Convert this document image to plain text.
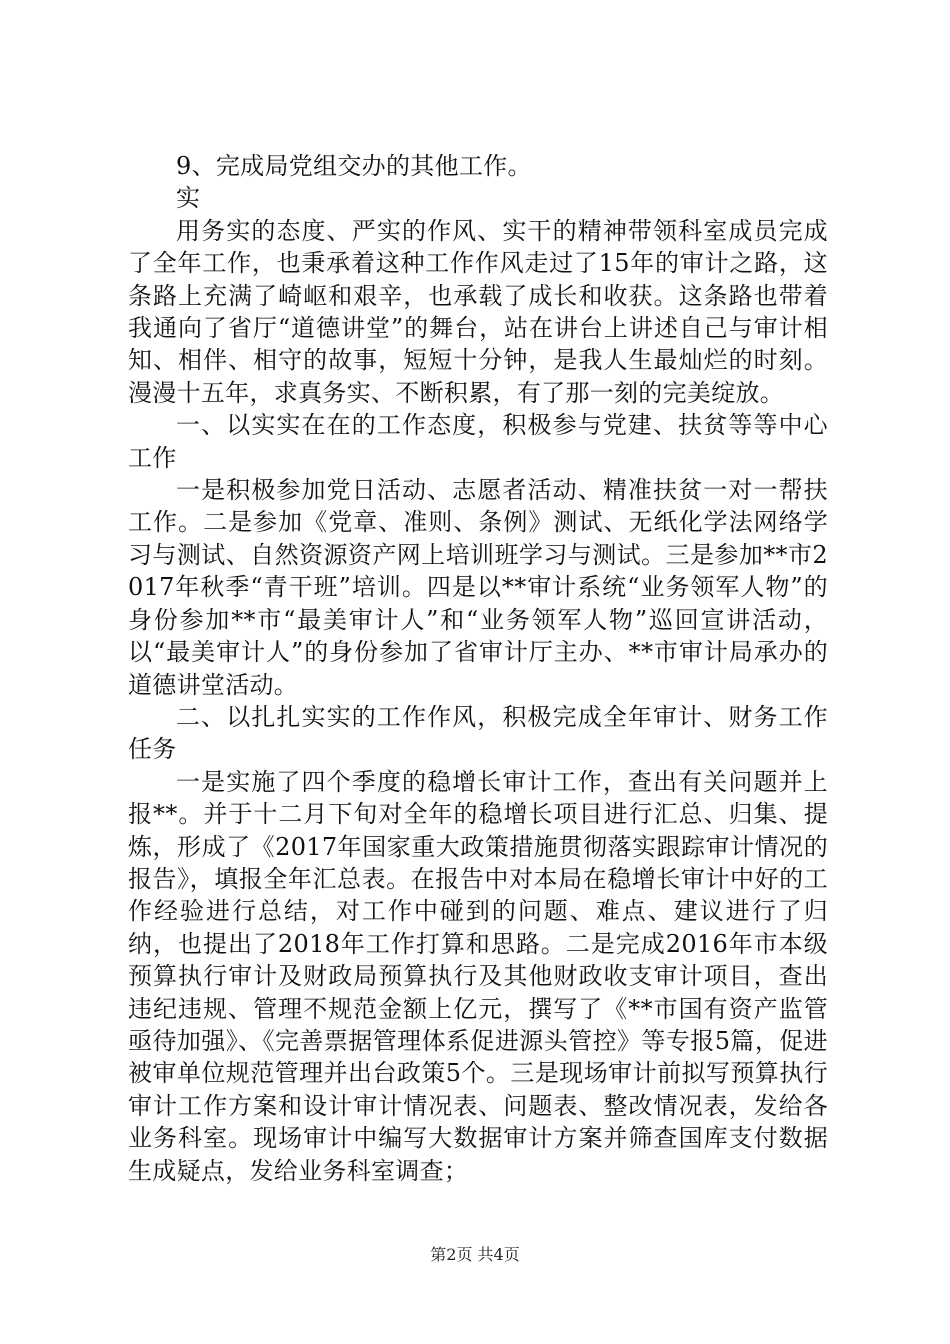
9、完成局党组交办的其他工作。

实

用务实的态度、严实的作风、实干的精神带领科室成员完成了全年工作，也秉承着这种工作作风走过了15年的审计之路，这条路上充满了崎岖和艰辛，也承载了成长和收获。这条路也带着我通向了省厅“道德讲堂”的舞台，站在讲台上讲述自己与审计相知、相伴、相守的故事，短短十分钟，是我人生最灿烂的时刻。漫漫十五年，求真务实、不断积累，有了那一刻的完美绽放。

一、以实实在在的工作态度，积极参与党建、扶贫等等中心工作

一是积极参加党日活动、志愿者活动、精准扶贫一对一帮扶工作。二是参加《党章、准则、条例》测试、无纸化学法网络学习与测试、自然资源资产网上培训班学习与测试。三是参加**市2017年秋季“青干班”培训。四是以**审计系统“业务领军人物”的身份参加**市“最美审计人”和“业务领军人物”巡回宣讲活动，以“最美审计人”的身份参加了省审计厅主办、**市审计局承办的道德讲堂活动。

二、以扎扎实实的工作作风，积极完成全年审计、财务工作任务

一是实施了四个季度的稳增长审计工作，查出有关问题并上报**。并于十二月下旬对全年的稳增长项目进行汇总、归集、提炼，形成了《2017年国家重大政策措施贯彻落实跟踪审计情况的报告》，填报全年汇总表。在报告中对本局在稳增长审计中好的工作经验进行总结，对工作中碰到的问题、难点、建议进行了归纳，也提出了2018年工作打算和思路。二是完成2016年市本级预算执行审计及财政局预算执行及其他财政收支审计项目，查出违纪违规、管理不规范金额上亿元，撰写了《**市国有资产监管亟待加强》、《完善票据管理体系促进源头管控》等专报5篇，促进被审单位规范管理并出台政策5个。三是现场审计前拟写预算执行审计工作方案和设计审计情况表、问题表、整改情况表，发给各业务科室。现场审计中编写大数据审计方案并筛查国库支付数据生成疑点，发给业务科室调查；

第2页 共4页
